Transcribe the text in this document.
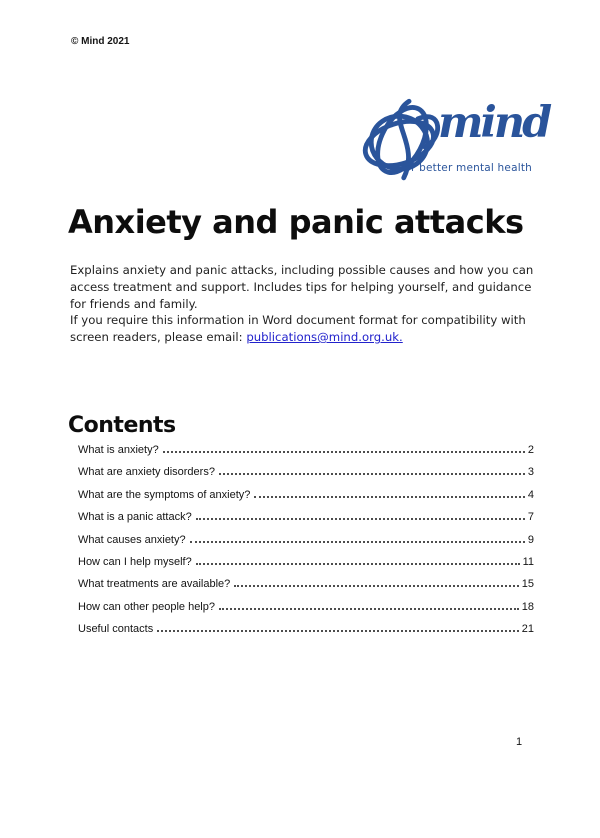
© Mind 2021
mind
for better mental health
Anxiety and panic attacks
Explains anxiety and panic attacks, including possible causes and how you can access treatment and support. Includes tips for helping yourself, and guidance for friends and family.
If you require this information in Word document format for compatibility with screen readers, please email: publications@mind.org.uk.
Contents
What is anxiety?	2
What are anxiety disorders?	3
What are the symptoms of anxiety?	4
What is a panic attack?	7
What causes anxiety?	9
How can I help myself?	11
What treatments are available?	15
How can other people help?	18
Useful contacts	21
1
